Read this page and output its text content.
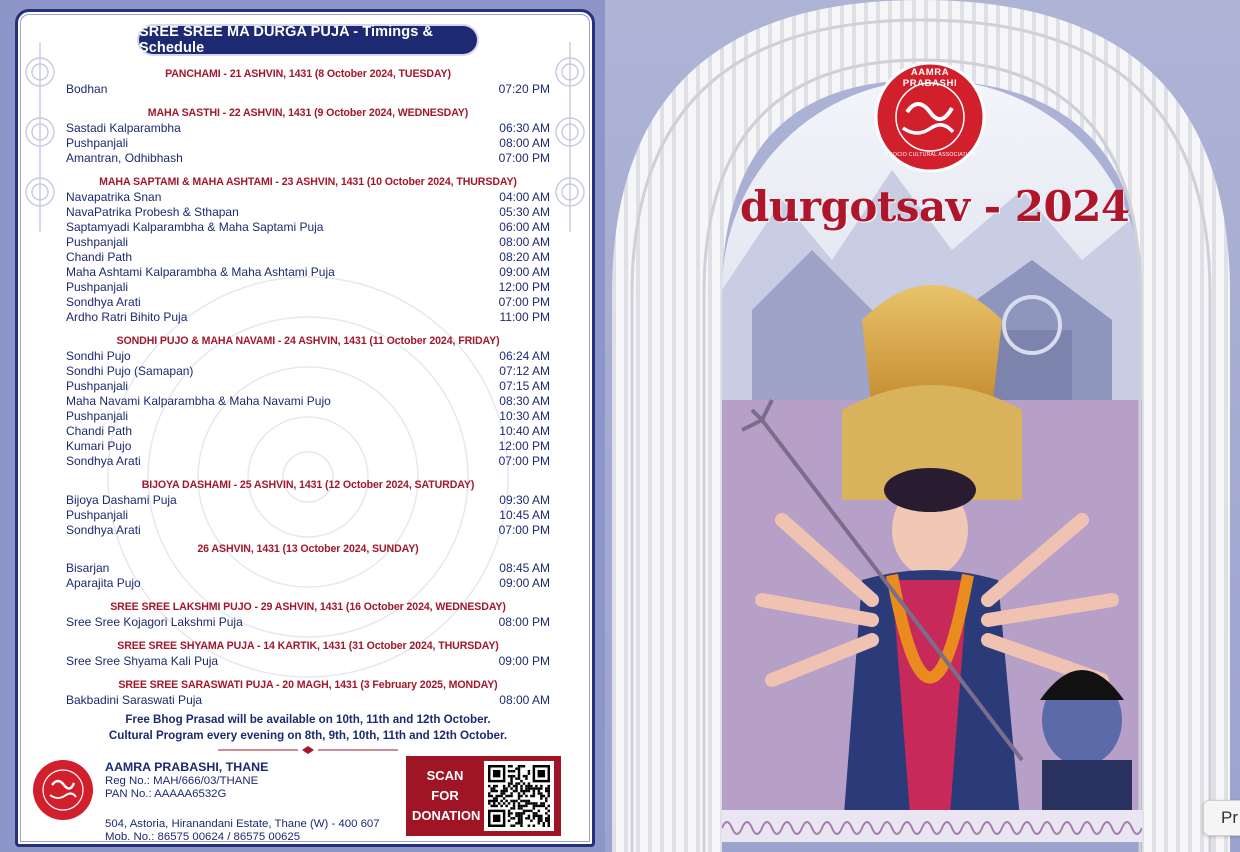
SREE SREE MA DURGA PUJA - Timings & Schedule
PANCHAMI - 21 ASHVIN, 1431 (8 October 2024, TUESDAY)
Bodhan	07:20 PM
MAHA SASTHI - 22 ASHVIN, 1431 (9 October 2024, WEDNESDAY)
Sastadi Kalparambha	06:30 AM
Pushpanjali	08:00 AM
Amantran, Odhibhash	07:00 PM
MAHA SAPTAMI & MAHA ASHTAMI - 23 ASHVIN, 1431 (10 October 2024, THURSDAY)
Navapatrika Snan	04:00 AM
NavaPatrika Probesh & Sthapan	05:30 AM
Saptamyadi Kalparambha & Maha Saptami Puja	06:00 AM
Pushpanjali	08:00 AM
Chandi Path	08:20 AM
Maha Ashtami Kalparambha & Maha Ashtami Puja	09:00 AM
Pushpanjali	12:00 PM
Sondhya Arati	07:00 PM
Ardho Ratri Bihito Puja	11:00 PM
SONDHI PUJO & MAHA NAVAMI - 24 ASHVIN, 1431 (11 October 2024, FRIDAY)
Sondhi Pujo	06:24 AM
Sondhi Pujo (Samapan)	07:12 AM
Pushpanjali	07:15 AM
Maha Navami Kalparambha & Maha Navami Pujo	08:30 AM
Pushpanjali	10:30 AM
Chandi Path	10:40 AM
Kumari Pujo	12:00 PM
Sondhya Arati	07:00 PM
BIJOYA DASHAMI - 25 ASHVIN, 1431 (12 October 2024, SATURDAY)
Bijoya Dashami Puja	09:30 AM
Pushpanjali	10:45 AM
Sondhya Arati	07:00 PM
26 ASHVIN, 1431 (13 October 2024, SUNDAY)
Bisarjan	08:45 AM
Aparajita Pujo	09:00 AM
SREE SREE LAKSHMI PUJO - 29 ASHVIN, 1431 (16 October 2024, WEDNESDAY)
Sree Sree Kojagori Lakshmi Puja	08:00 PM
SREE SREE SHYAMA PUJA - 14 KARTIK, 1431 (31 October 2024, THURSDAY)
Sree Sree Shyama Kali Puja	09:00 PM
SREE SREE SARASWATI PUJA - 20 MAGH, 1431 (3 February 2025, MONDAY)
Bakbadini Saraswati Puja	08:00 AM
Free Bhog Prasad will be available on 10th, 11th and 12th October.
Cultural Program every evening on 8th, 9th, 10th, 11th and 12th October.
AAMRA PRABASHI, THANE
Reg No.: MAH/666/03/THANE
PAN No.: AAAAA6532G
504, Astoria, Hiranandani Estate, Thane (W) - 400 607
Mob. No.: 86575 00624 / 86575 00625
SCAN
FOR
DONATION
AAMRA PRABASHI
A SOCIO CULTURAL ASSOCIATION
durgotsav - 2024
Pr
